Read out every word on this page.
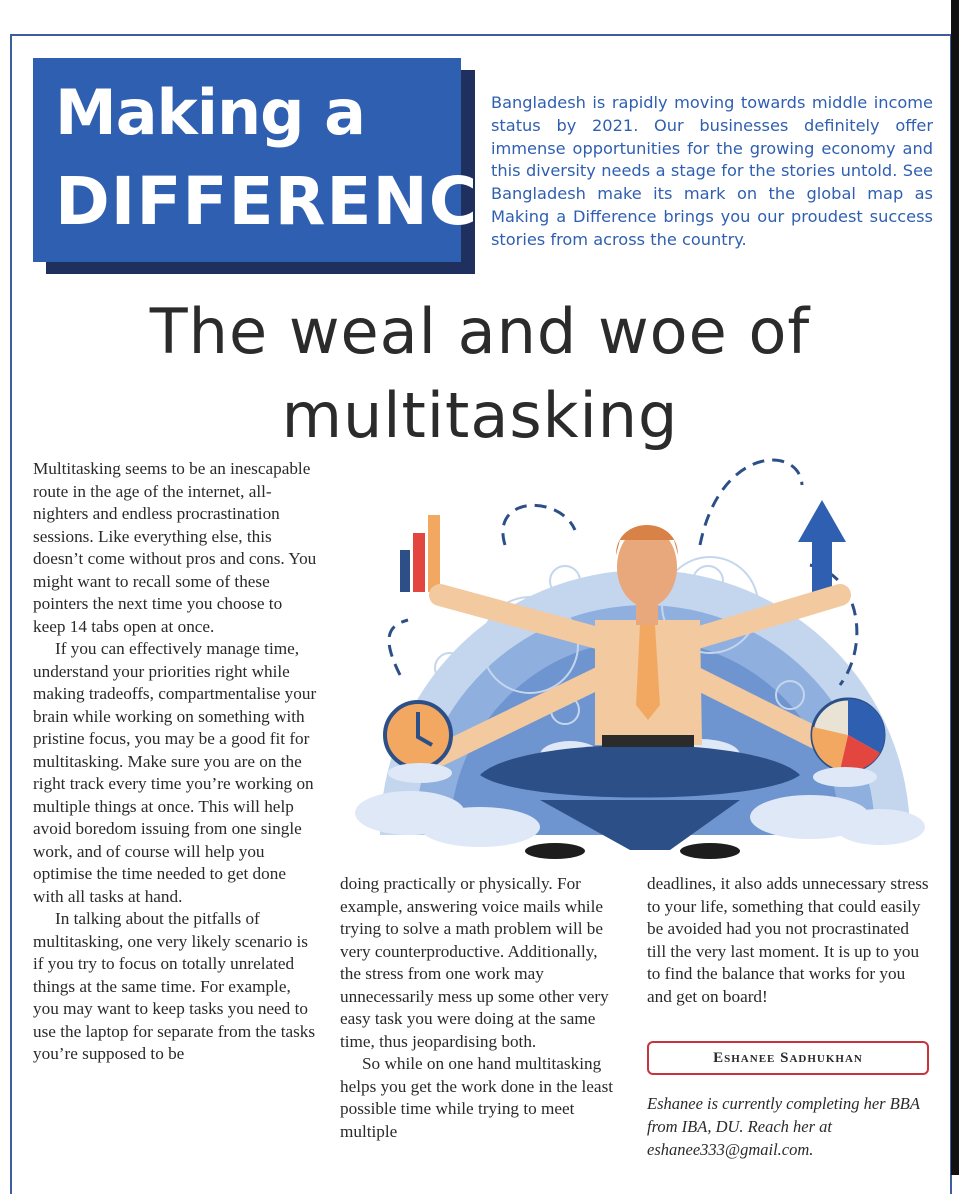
Making a
DIFFERENCE
Bangladesh is rapidly moving towards middle income status by 2021. Our businesses definitely offer immense opportunities for the growing economy and this diversity needs a stage for the stories untold. See Bangladesh make its mark on the global map as Making a Difference brings you our proudest success stories from across the country.
The weal and woe of
multitasking

Multitasking seems to be an inescapable route in the age of the internet, all-nighters and endless procrastination sessions. Like everything else, this doesn’t come without pros and cons. You might want to recall some of these pointers the next time you choose to keep 14 tabs open at once.

If you can effectively manage time, understand your priorities right while making tradeoffs, compartmentalise your brain while working on something with pristine focus, you may be a good fit for multitasking. Make sure you are on the right track every time you’re working on multiple things at once. This will help avoid boredom issuing from one single work, and of course will help you optimise the time needed to get done with all tasks at hand.

In talking about the pitfalls of multitasking, one very likely scenario is if you try to focus on totally unrelated things at the same time. For example, you may want to keep tasks you need to use the laptop for separate from the tasks you’re supposed to be

doing practically or physically. For example, answering voice mails while trying to solve a math problem will be very counterproductive. Additionally, the stress from one work may unnecessarily mess up some other very easy task you were doing at the same time, thus jeopardising both.

So while on one hand multitasking helps you get the work done in the least possible time while trying to meet multiple

deadlines, it also adds unnecessary stress to your life, something that could easily be avoided had you not procrastinated till the very last moment. It is up to you to find the balance that works for you and get on board!

Eshanee Sadhukhan
Eshanee is currently completing her BBA from IBA, DU. Reach her at eshanee333@gmail.com.
